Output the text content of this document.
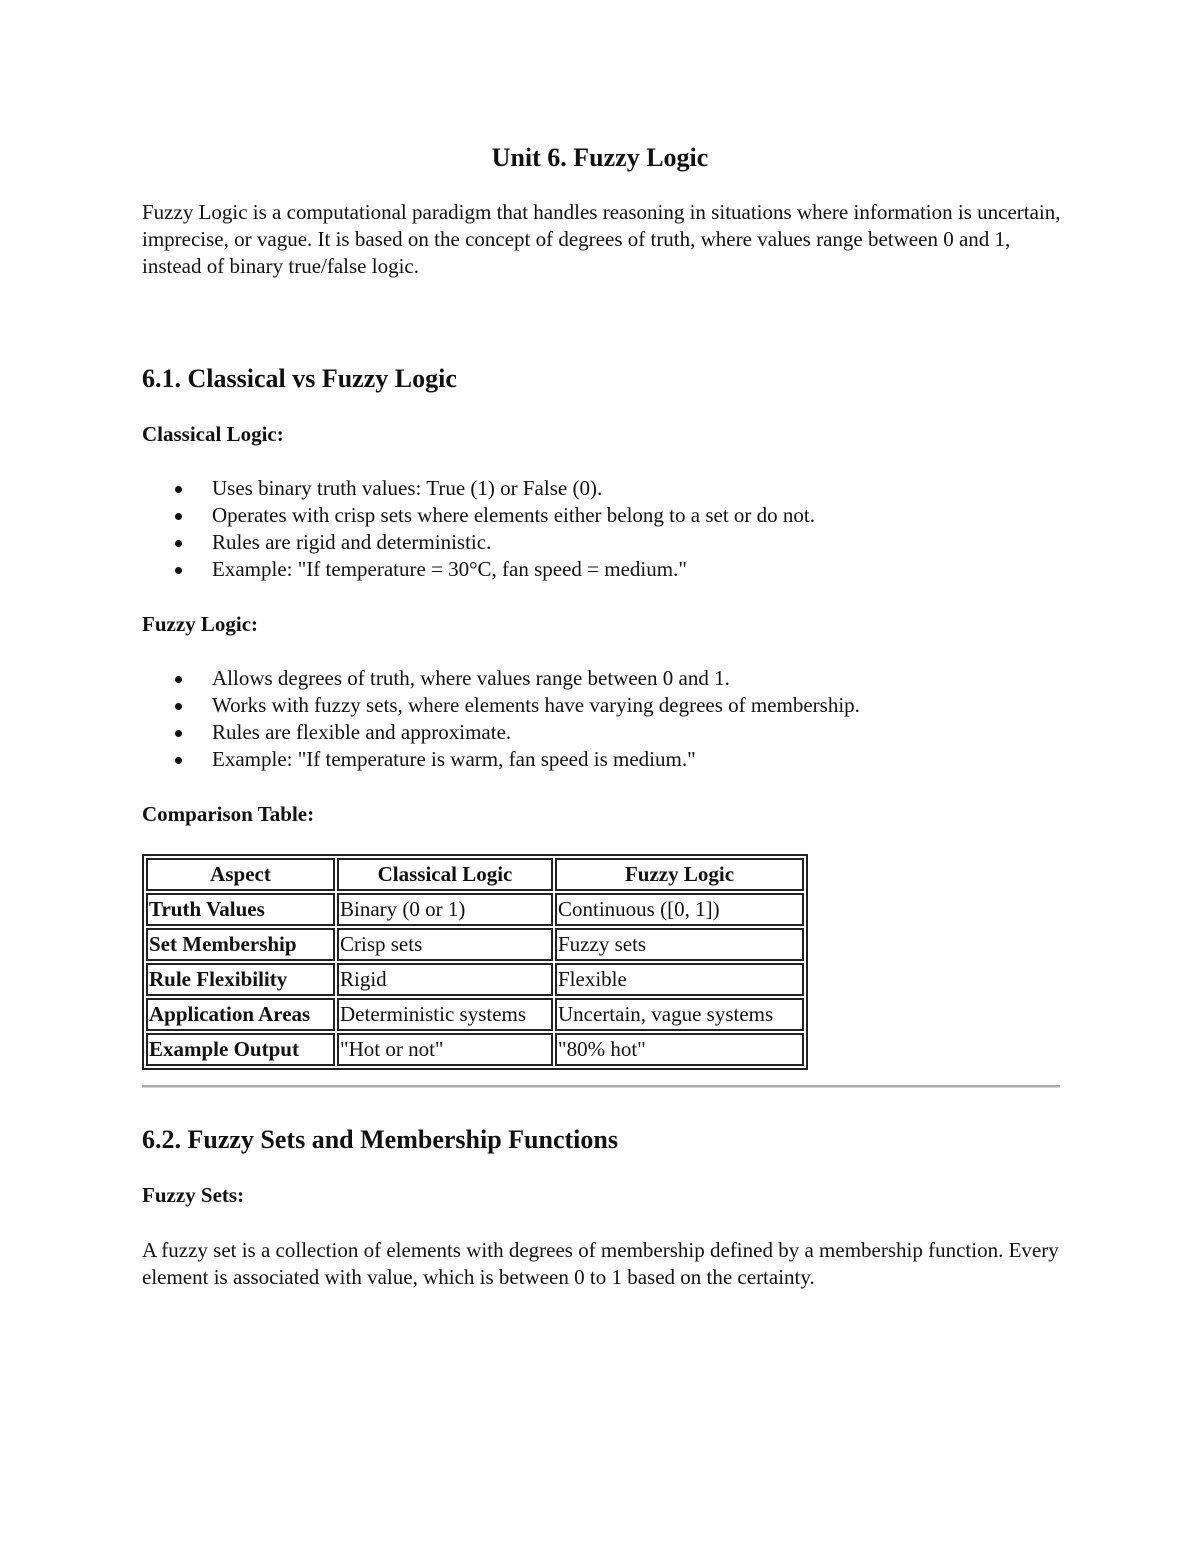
Unit 6. Fuzzy Logic

Fuzzy Logic is a computational paradigm that handles reasoning in situations where information is uncertain, imprecise, or vague. It is based on the concept of degrees of truth, where values range between 0 and 1, instead of binary true/false logic.

6.1. Classical vs Fuzzy Logic
Classical Logic:
Uses binary truth values: True (1) or False (0).
Operates with crisp sets where elements either belong to a set or do not.
Rules are rigid and deterministic.
Example: "If temperature = 30°C, fan speed = medium."
Fuzzy Logic:
Allows degrees of truth, where values range between 0 and 1.
Works with fuzzy sets, where elements have varying degrees of membership.
Rules are flexible and approximate.
Example: "If temperature is warm, fan speed is medium."
Comparison Table:
Aspect	Classical Logic	Fuzzy Logic
Truth Values	Binary (0 or 1)	Continuous ([0, 1])
Set Membership	Crisp sets	Fuzzy sets
Rule Flexibility	Rigid	Flexible
Application Areas	Deterministic systems	Uncertain, vague systems
Example Output	"Hot or not"	"80% hot"
6.2. Fuzzy Sets and Membership Functions
Fuzzy Sets:

A fuzzy set is a collection of elements with degrees of membership defined by a membership function. Every element is associated with value, which is between 0 to 1 based on the certainty.
